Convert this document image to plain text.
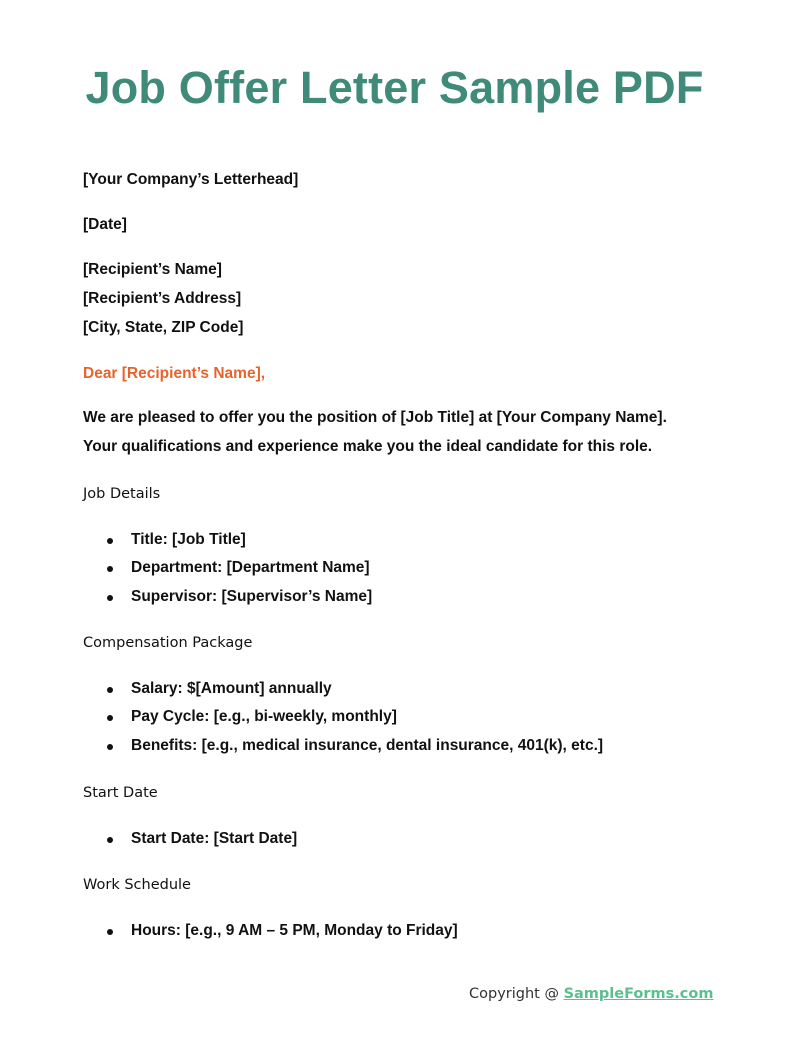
Job Offer Letter Sample PDF
[Your Company’s Letterhead]
[Date]
[Recipient’s Name]
[Recipient’s Address]
[City, State, ZIP Code]
Dear [Recipient’s Name],
We are pleased to offer you the position of [Job Title] at [Your Company Name].
Your qualifications and experience make you the ideal candidate for this role.
Job Details
Title: [Job Title]
Department: [Department Name]
Supervisor: [Supervisor’s Name]
Compensation Package
Salary: $[Amount] annually
Pay Cycle: [e.g., bi-weekly, monthly]
Benefits: [e.g., medical insurance, dental insurance, 401(k), etc.]
Start Date
Start Date: [Start Date]
Work Schedule
Hours: [e.g., 9 AM – 5 PM, Monday to Friday]
Copyright @ SampleForms.com
